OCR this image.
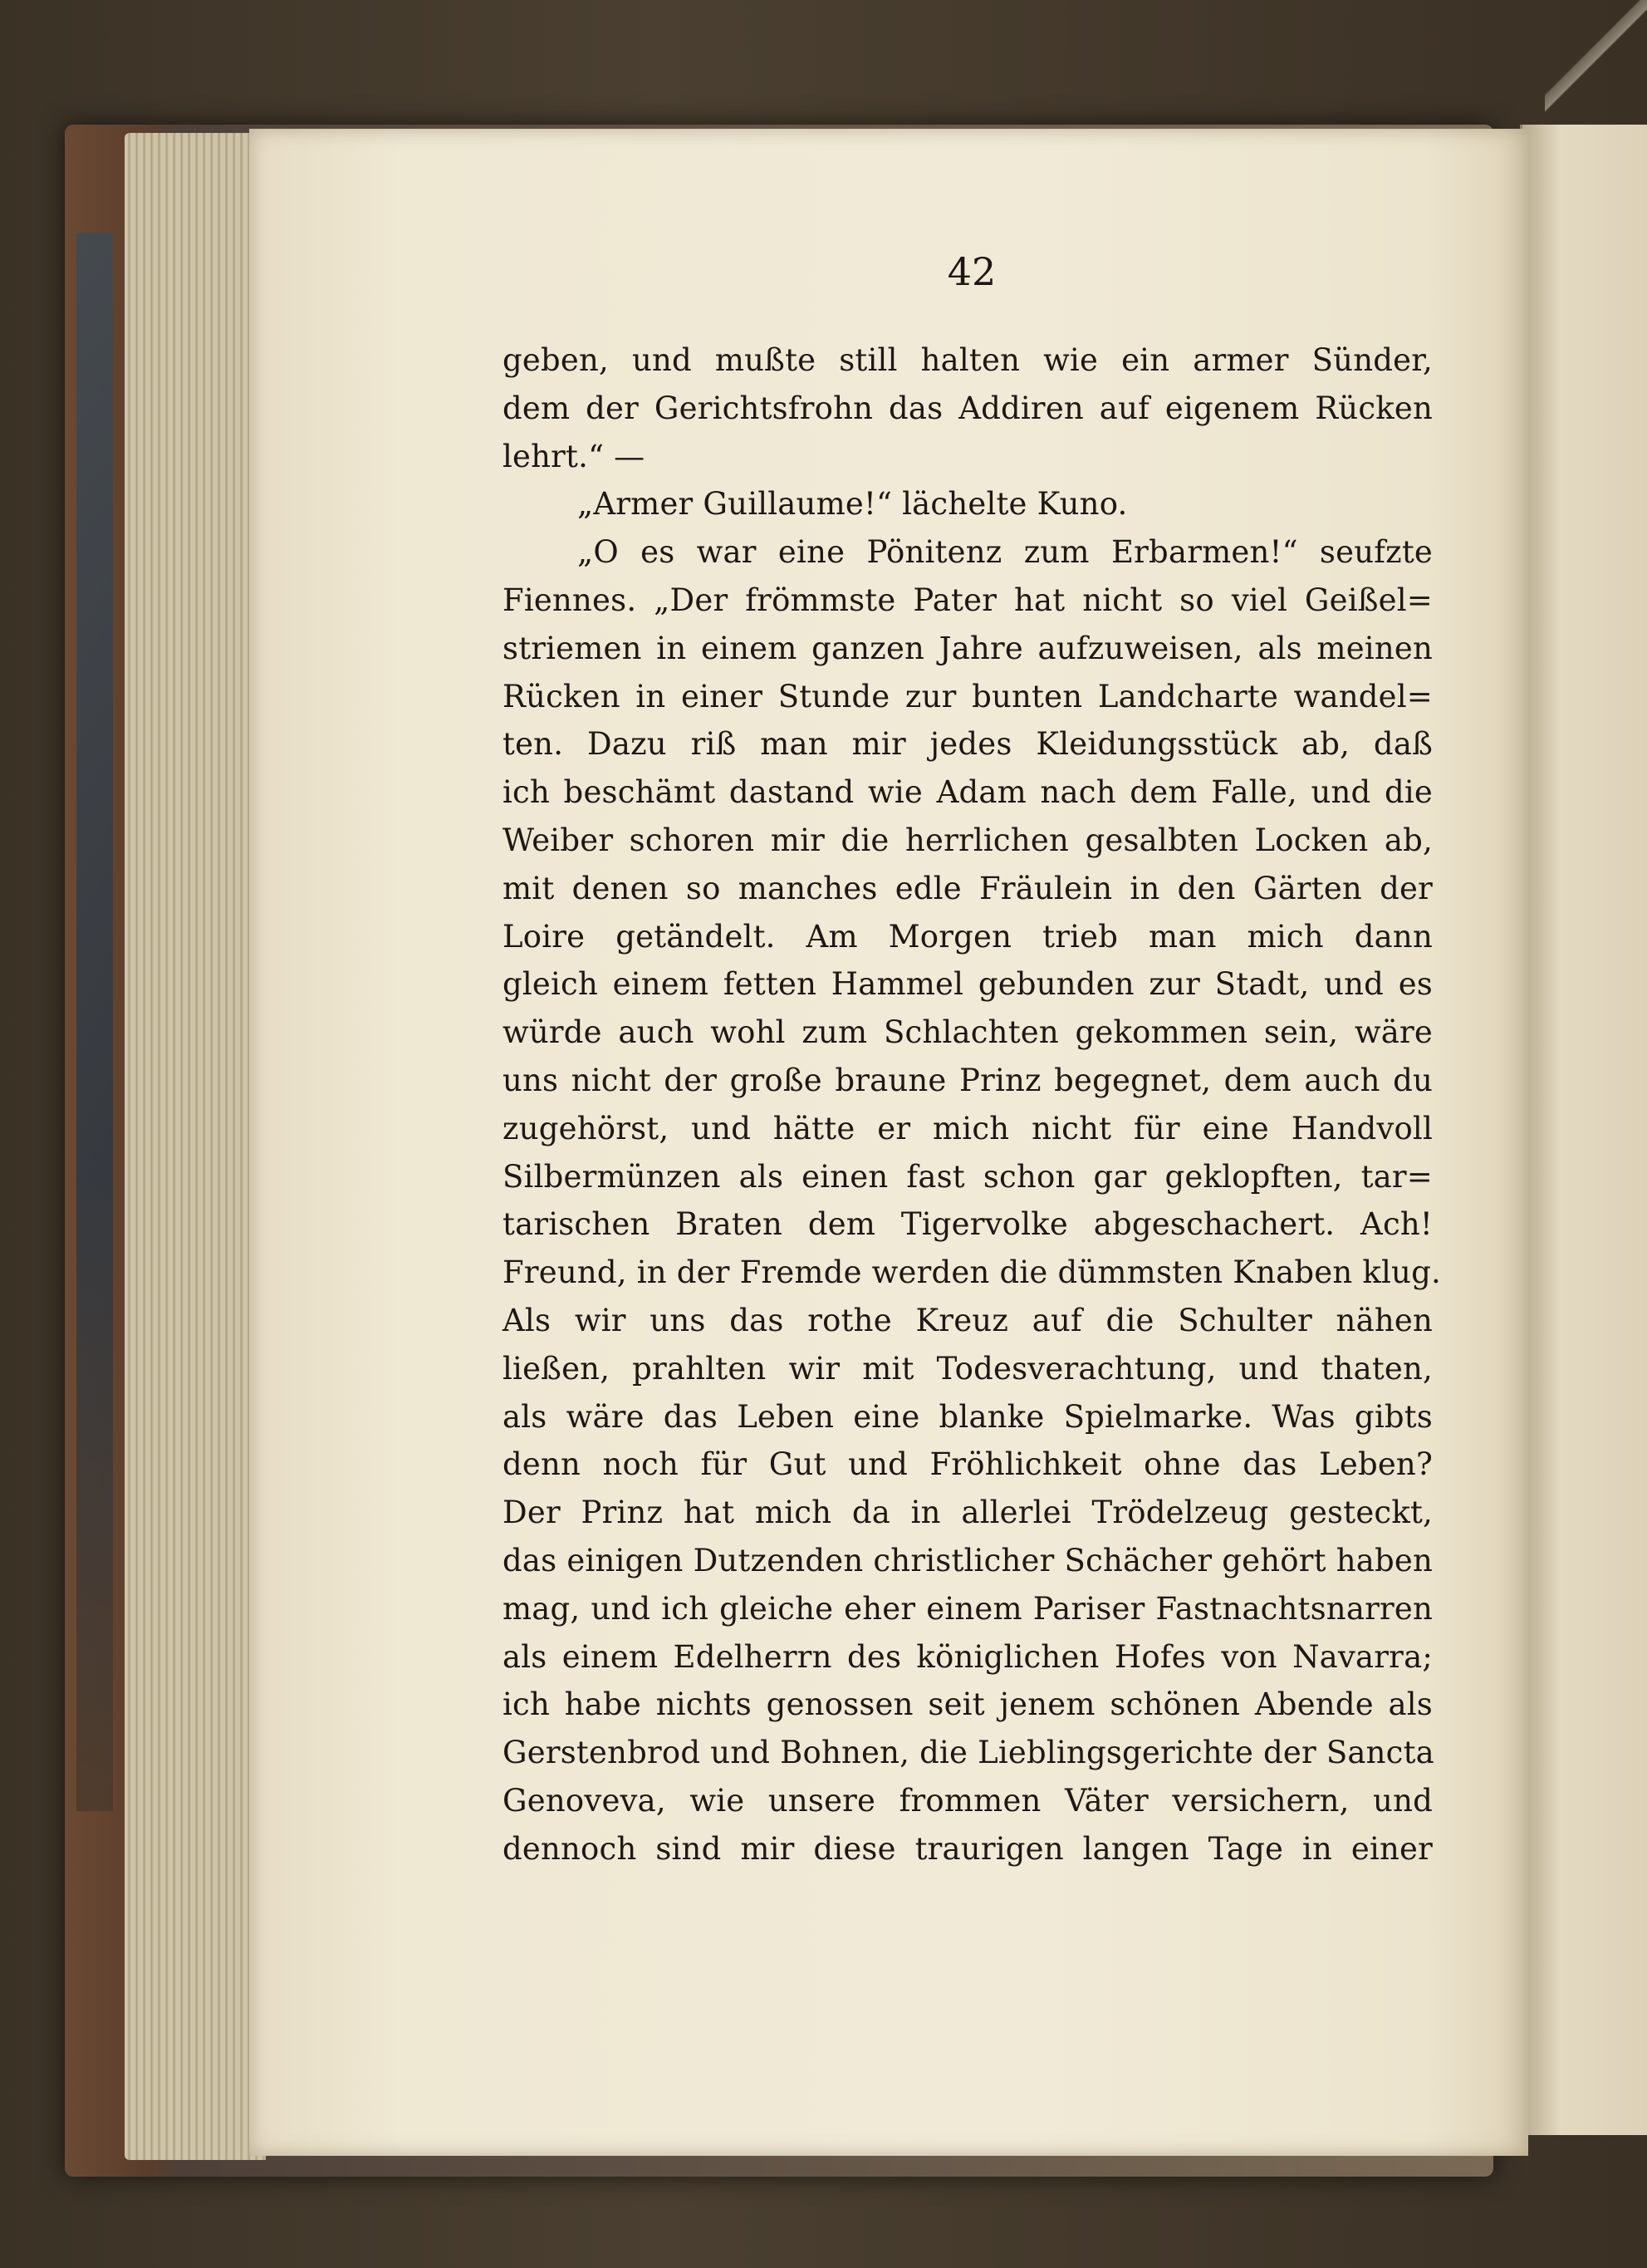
42
geben, und mußte still halten wie ein armer Sünder,
dem der Gerichtsfrohn das Addiren auf eigenem Rücken
lehrt.“ —
„Armer Guillaume!“ lächelte Kuno.
„O es war eine Pönitenz zum Erbarmen!“ seufzte
Fiennes. „Der frömmste Pater hat nicht so viel Geißel=
striemen in einem ganzen Jahre aufzuweisen, als meinen
Rücken in einer Stunde zur bunten Landcharte wandel=
ten. Dazu riß man mir jedes Kleidungsstück ab, daß
ich beschämt dastand wie Adam nach dem Falle, und die
Weiber schoren mir die herrlichen gesalbten Locken ab,
mit denen so manches edle Fräulein in den Gärten der
Loire getändelt. Am Morgen trieb man mich dann
gleich einem fetten Hammel gebunden zur Stadt, und es
würde auch wohl zum Schlachten gekommen sein, wäre
uns nicht der große braune Prinz begegnet, dem auch du
zugehörst, und hätte er mich nicht für eine Handvoll
Silbermünzen als einen fast schon gar geklopften, tar=
tarischen Braten dem Tigervolke abgeschachert. Ach!
Freund, in der Fremde werden die dümmsten Knaben klug.
Als wir uns das rothe Kreuz auf die Schulter nähen
ließen, prahlten wir mit Todesverachtung, und thaten,
als wäre das Leben eine blanke Spielmarke. Was gibts
denn noch für Gut und Fröhlichkeit ohne das Leben?
Der Prinz hat mich da in allerlei Trödelzeug gesteckt,
das einigen Dutzenden christlicher Schächer gehört haben
mag, und ich gleiche eher einem Pariser Fastnachtsnarren
als einem Edelherrn des königlichen Hofes von Navarra;
ich habe nichts genossen seit jenem schönen Abende als
Gerstenbrod und Bohnen, die Lieblingsgerichte der Sancta
Genoveva, wie unsere frommen Väter versichern, und
dennoch sind mir diese traurigen langen Tage in einer
